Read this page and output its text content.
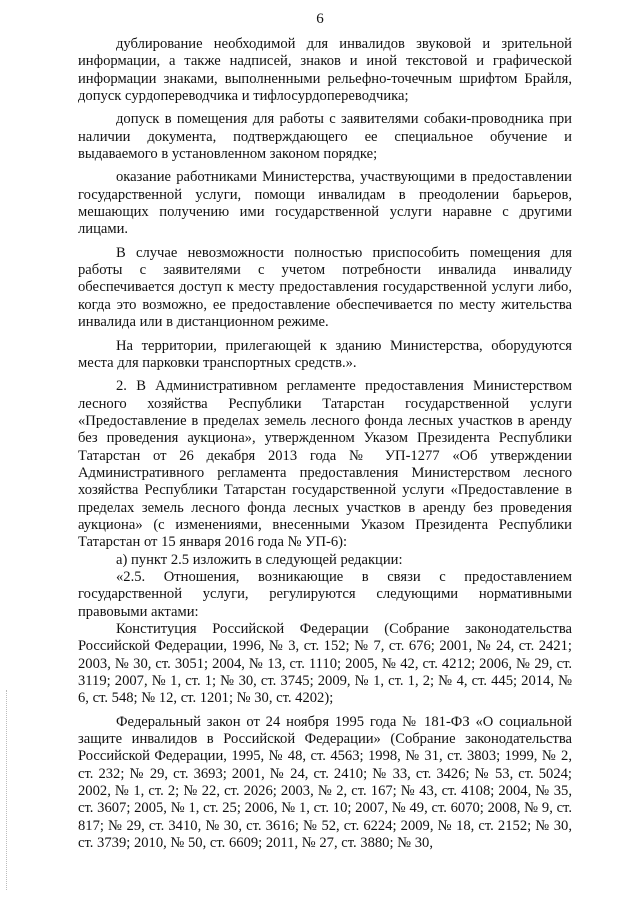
6

дублирование необходимой для инвалидов звуковой и зрительной информации, а также надписей, знаков и иной текстовой и графической информации знаками, выполненными рельефно-точечным шрифтом Брайля, допуск сурдопереводчика и тифлосурдопереводчика;

допуск в помещения для работы с заявителями собаки-проводника при наличии документа, подтверждающего ее специальное обучение и выдаваемого в установленном законом порядке;

оказание работниками Министерства, участвующими в предоставлении государственной услуги, помощи инвалидам в преодолении барьеров, мешающих получению ими государственной услуги наравне с другими лицами.

В случае невозможности полностью приспособить помещения для работы с заявителями с учетом потребности инвалида инвалиду обеспечивается доступ к месту предоставления государственной услуги либо, когда это возможно, ее предоставление обеспечивается по месту жительства инвалида или в дистанционном режиме.

На территории, прилегающей к зданию Министерства, оборудуются места для парковки транспортных средств.».

2. В Административном регламенте предоставления Министерством лесного хозяйства Республики Татарстан государственной услуги «Предоставление в пределах земель лесного фонда лесных участков в аренду без проведения аукциона», утвержденном Указом Президента Республики Татарстан от 26 декабря 2013 года № УП-1277 «Об утверждении Административного регламента предоставления Министерством лесного хозяйства Республики Татарстан государственной услуги «Предоставление в пределах земель лесного фонда лесных участков в аренду без проведения аукциона» (с изменениями, внесенными Указом Президента Республики Татарстан от 15 января 2016 года № УП-6):

а) пункт 2.5 изложить в следующей редакции:

«2.5. Отношения, возникающие в связи с предоставлением государственной услуги, регулируются следующими нормативными правовыми актами:

Конституция Российской Федерации (Собрание законодательства Российской Федерации, 1996, № 3, ст. 152; № 7, ст. 676; 2001, № 24, ст. 2421; 2003, № 30, ст. 3051; 2004, № 13, ст. 1110; 2005, № 42, ст. 4212; 2006, № 29, ст. 3119; 2007, № 1, ст. 1; № 30, ст. 3745; 2009, № 1, ст. 1, 2; № 4, ст. 445; 2014, № 6, ст. 548; № 12, ст. 1201; № 30, ст. 4202);

Федеральный закон от 24 ноября 1995 года № 181-ФЗ «О социальной защите инвалидов в Российской Федерации» (Собрание законодательства Российской Федерации, 1995, № 48, ст. 4563; 1998, № 31, ст. 3803; 1999, № 2, ст. 232; № 29, ст. 3693; 2001, № 24, ст. 2410; № 33, ст. 3426; № 53, ст. 5024; 2002, № 1, ст. 2; № 22, ст. 2026; 2003, № 2, ст. 167; № 43, ст. 4108; 2004, № 35, ст. 3607; 2005, № 1, ст. 25; 2006, № 1, ст. 10; 2007, № 49, ст. 6070; 2008, № 9, ст. 817; № 29, ст. 3410, № 30, ст. 3616; № 52, ст. 6224; 2009, № 18, ст. 2152; № 30, ст. 3739; 2010, № 50, ст. 6609; 2011, № 27, ст. 3880; № 30,
